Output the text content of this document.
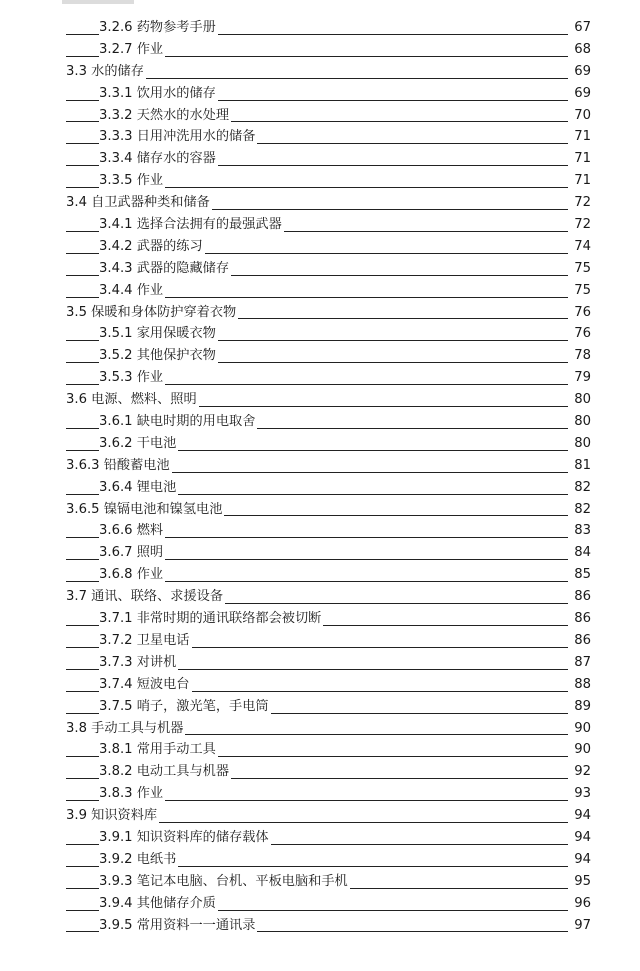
3.2.6 药物参考手册	67
3.2.7 作业	68
3.3 水的储存	69
3.3.1 饮用水的储存	69
3.3.2 天然水的水处理	70
3.3.3 日用冲洗用水的储备	71
3.3.4 储存水的容器	71
3.3.5 作业	71
3.4 自卫武器种类和储备	72
3.4.1 选择合法拥有的最强武器	72
3.4.2 武器的练习	74
3.4.3 武器的隐藏储存	75
3.4.4 作业	75
3.5 保暖和身体防护穿着衣物	76
3.5.1 家用保暖衣物	76
3.5.2 其他保护衣物	78
3.5.3 作业	79
3.6 电源、燃料、照明	80
3.6.1 缺电时期的用电取舍	80
3.6.2 干电池	80
3.6.3 铅酸蓄电池	81
3.6.4 锂电池	82
3.6.5 镍镉电池和镍氢电池	82
3.6.6 燃料	83
3.6.7 照明	84
3.6.8 作业	85
3.7 通讯、联络、求援设备	86
3.7.1 非常时期的通讯联络都会被切断	86
3.7.2 卫星电话	86
3.7.3 对讲机	87
3.7.4 短波电台	88
3.7.5 哨子，激光笔，手电筒	89
3.8 手动工具与机器	90
3.8.1 常用手动工具	90
3.8.2 电动工具与机器	92
3.8.3 作业	93
3.9 知识资料库	94
3.9.1 知识资料库的储存载体	94
3.9.2 电纸书	94
3.9.3 笔记本电脑、台机、平板电脑和手机	95
3.9.4 其他储存介质	96
3.9.5 常用资料一一通讯录	97
